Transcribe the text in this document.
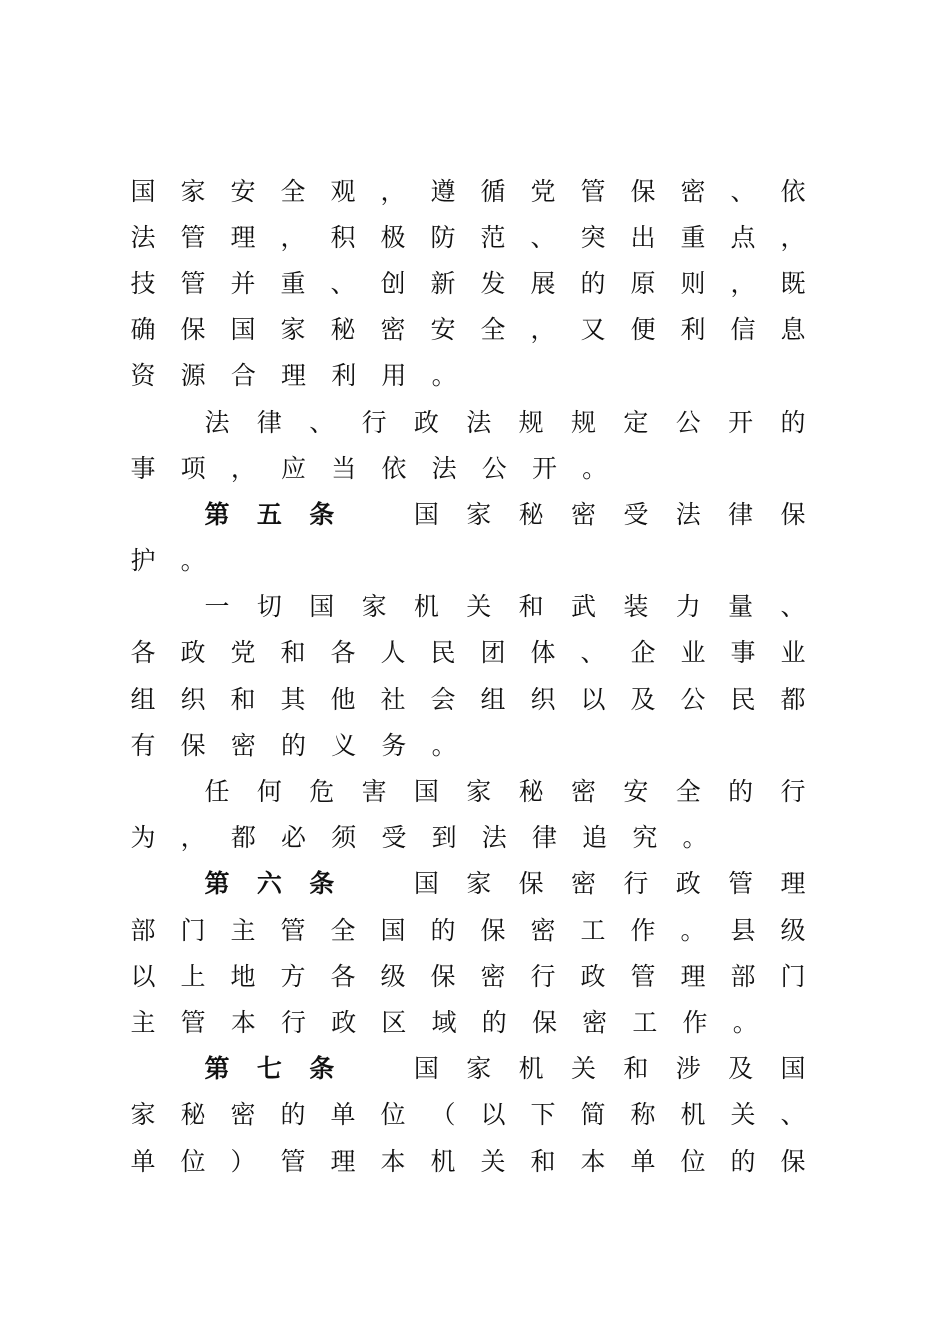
国 家 安 全 观 ， 遵 循 党 管 保 密 、 依
法 管 理 ， 积 极 防 范 、 突 出 重 点 ，
技 管 并 重 、 创 新 发 展 的 原 则 ， 既
确 保 国 家 秘 密 安 全 ， 又 便 利 信 息
资 源 合 理 利 用 。
法 律 、 行 政 法 规 规 定 公 开 的
事 项 ， 应 当 依 法 公 开 。
第 五 条
　	国 家 秘 密 受 法 律 保
护 。
一 切 国 家 机 关 和 武 装 力 量 、
各 政 党 和 各 人 民 团 体 、 企 业 事 业
组 织 和 其 他 社 会 组 织 以 及 公 民 都
有 保 密 的 义 务 。
任 何 危 害 国 家 秘 密 安 全 的 行
为 ， 都 必 须 受 到 法 律 追 究 。
第 六 条
　	国 家 保 密 行 政 管 理
部 门 主 管 全 国 的 保 密 工 作 。 县 级
以 上 地 方 各 级 保 密 行 政 管 理 部 门
主 管 本 行 政 区 域 的 保 密 工 作 。
第 七 条
　	国 家 机 关 和 涉 及 国
家 秘 密 的 单 位 （ 以 下 简 称 机 关 、
单 位 ） 管 理 本 机 关 和 本 单 位 的 保
